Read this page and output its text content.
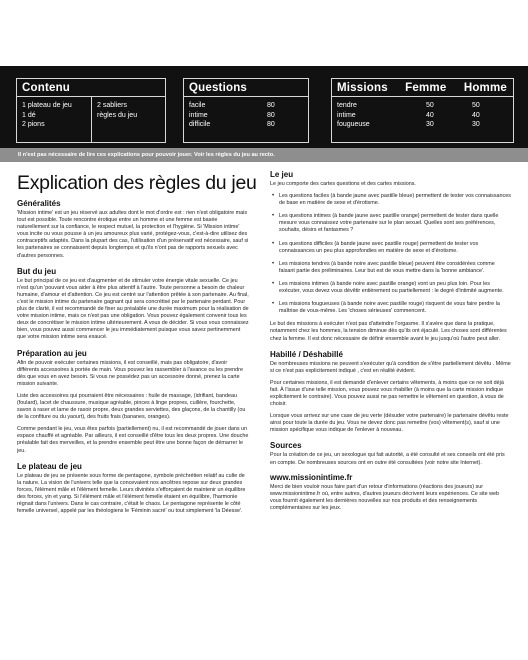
Contenu
1 plateau de jeu
1 dé
2 pions
2 sabliers
règles du jeu
Questions
facile	80
intime	80
difficile	80
Missions Femme Homme
tendre	50	50
intime	40	40
fougueuse	30	30
Il n'est pas nécessaire de lire ces explications pour pouvoir jouer. Voir les règles du jeu au recto.
Explication des règles du jeu
Généralités

'Mission intime' est un jeu réservé aux adultes dont le mot d'ordre est : rien n'est obligatoire mais tout est possible. Toute rencontre érotique entre un homme et une femme est basée naturellement sur la confiance, le respect mutuel, la protection et l'hygiène. Si 'Mission intime' vous incite ou vous pousse à un jeu amoureux plus varié, protégez-vous, c'est-à-dire utilisez des contraceptifs adaptés. Dans la plupart des cas, l'utilisation d'un préservatif est nécessaire, sauf si les partenaires se connaissent depuis longtemps et qu'ils n'ont pas de rapports sexuels avec d'autres personnes.

But du jeu

Le but principal de ce jeu est d'augmenter et de stimuler votre énergie vitale sexuelle. Ce jeu n'est qu'un 'pouvant vous aider à être plus attentif à l'autre. Toute personne a besoin de chaleur humaine, d'amour et d'attention. Ce jeu est centré sur l'attention prêtée à son partenaire. Au final, c'est le mission intime du partenaire gagnant qui sera concrétisé par le partenaire perdant. Pour plus de clarté, il est recommandé de fixer au préalable une durée maximum pour la réalisation de votre mission intime, mais ce n'est pas une obligation. Vous pouvez également convenir tous les deux de concrétiser le mission intime ultérieurement. A vous de décider. Si vous vous connaissez bien, vous pouvez aussi commencer le jeu immédiatement puisque vous savez pertinemment que votre mission intime sera exaucé.

Préparation au jeu

Afin de pouvoir exécuter certaines missions, il est conseillé, mais pas obligatoire, d'avoir différents accessoires à portée de main. Vous pouvez les rassembler à l'avance ou les prendre dès que vous en avez besoin. Si vous ne possédez pas un accessoire donné, prenez la carte mission suivante.

Liste des accessoires qui pourraient être nécessaires : huile de massage, (idrifiant, bandeau (foulard), lacet de chaussure, musique agréable, pinces à linge propres, cuillère, fourchette, savon à raser et lame de rasoir propre, deux grandes serviettes, des glaçons, de la chantilly (ou de la confiture ou du yaourt), des fruits frais (bananes, oranges).

Comme pendant le jeu, vous êtes parfois (partiellement) nu, il est recommandé de jouer dans un espace chauffé et agréable. Par ailleurs, il est conseillé d'être tous les deux propres. Une douche préalable fait des merveilles, et la prendre ensemble peut être une bonne façon de démarrer le jeu.

Le plateau de jeu

Le plateau de jeu se présente sous forme de pentagone, symbole préchrétien relatif au culte de la nature. La vision de l'univers telle que la concevaient nos ancêtres repose sur deux grandes forces, l'élément mâle et l'élément femelle. Leurs divinités s'efforçaient de maintenir un équilibre des forces, yin et yang. Si l'élément mâle et l'élément femelle étaient en équilibre, l'harmonie régnait dans l'univers. Dans le cas contraire, c'était le chaos. Le pentagone représente le côté femelle universel, appelé par les théologiens le 'Féminin sacré' ou tout simplement 'la Déesse'.

Le jeu

Le jeu comporte des cartes questions et des cartes missions.

• Les questions faciles (à bande jaune avec pastille bleue) permettent de tester vos connaissances de base en matière de sexe et d'érotisme.
• Les questions intimes (à bande jaune avec pastille orange) permettent de tester dans quelle mesure vous connaissez votre partenaire sur le plan sexuel. Quelles sont ses préférences, souhaits, désirs et fantasmes ?
• Les questions difficiles (à bande jaune avec pastille rouge) permettent de tester vos connaissances un peu plus approfondies en matière de sexe et d'érotisme.
• Les missions tendres (à bande noire avec pastille bleue) peuvent être considérées comme faisant partie des préliminaires. Leur but est de vous mettre dans la 'bonne ambiance'.
• Les missions intimes (à bande noire avec pastille orange) vont un peu plus loin. Pour les exécuter, vous devez vous dévêtir entièrement ou partiellement : le degré d'intimité augmente.
• Les missions fougueuses (à bande noire avec pastille rouge) risquent de vous faire perdre la maîtrise de vous-même. Les 'choses sérieuses' commencent.

Le but des missions à exécuter n'est pas d'atteindre l'orgasme. Il s'avère que dans la pratique, notamment chez les hommes, la tension diminue dès qu'ils ont éjaculé. Les choses sont différentes chez la femme. Il est donc nécessaire de définir ensemble avant le jeu jusqu'où l'autre peut aller.

Habillé / Déshabillé

De nombreuses missions ne peuvent s'exécuter qu'à condition de s'être partiellement dévêtu . Même si ce n'est pas explicitement indiqué , c'est en réalité évident.

Pour certaines missions, il est demandé d'enlever certains vêtements, à moins que ce ne soit déjà fait. À l'issue d'une telle mission, vous pouvez vous rhabiller (à moins que la carte mission indique explicitement le contraire). Vous pouvez aussi ne pas remettre le vêtement en question, à vous de choisir.

Lorsque vous arrivez sur une case de jeu verte (désuder votre partenaire) le partenaire dévêtu reste ainsi pour toute la durée du jeu. Vous ne devez donc pas remettre (vos) vêtement(s), sauf si une mission spécifique vous indique de l'enlever à nouveau.

Sources

Pour la création de ce jeu, un sexologue qui fait autorité, a été consulté et ses conseils ont été pris en compte. De nombreuses sources ont en outre été consultées (voir notre site Internet).

www.missionintime.fr

Merci de bien vouloir nous faire part d'un retour d'informations (réactions des joueurs) sur www.missionintime.fr où, entre autres, d'autres joueurs décrivent leurs expériences. Ce site web vous fournit également les dernières nouvelles sur nos produits et des renseignements complémentaires sur les jeux.
